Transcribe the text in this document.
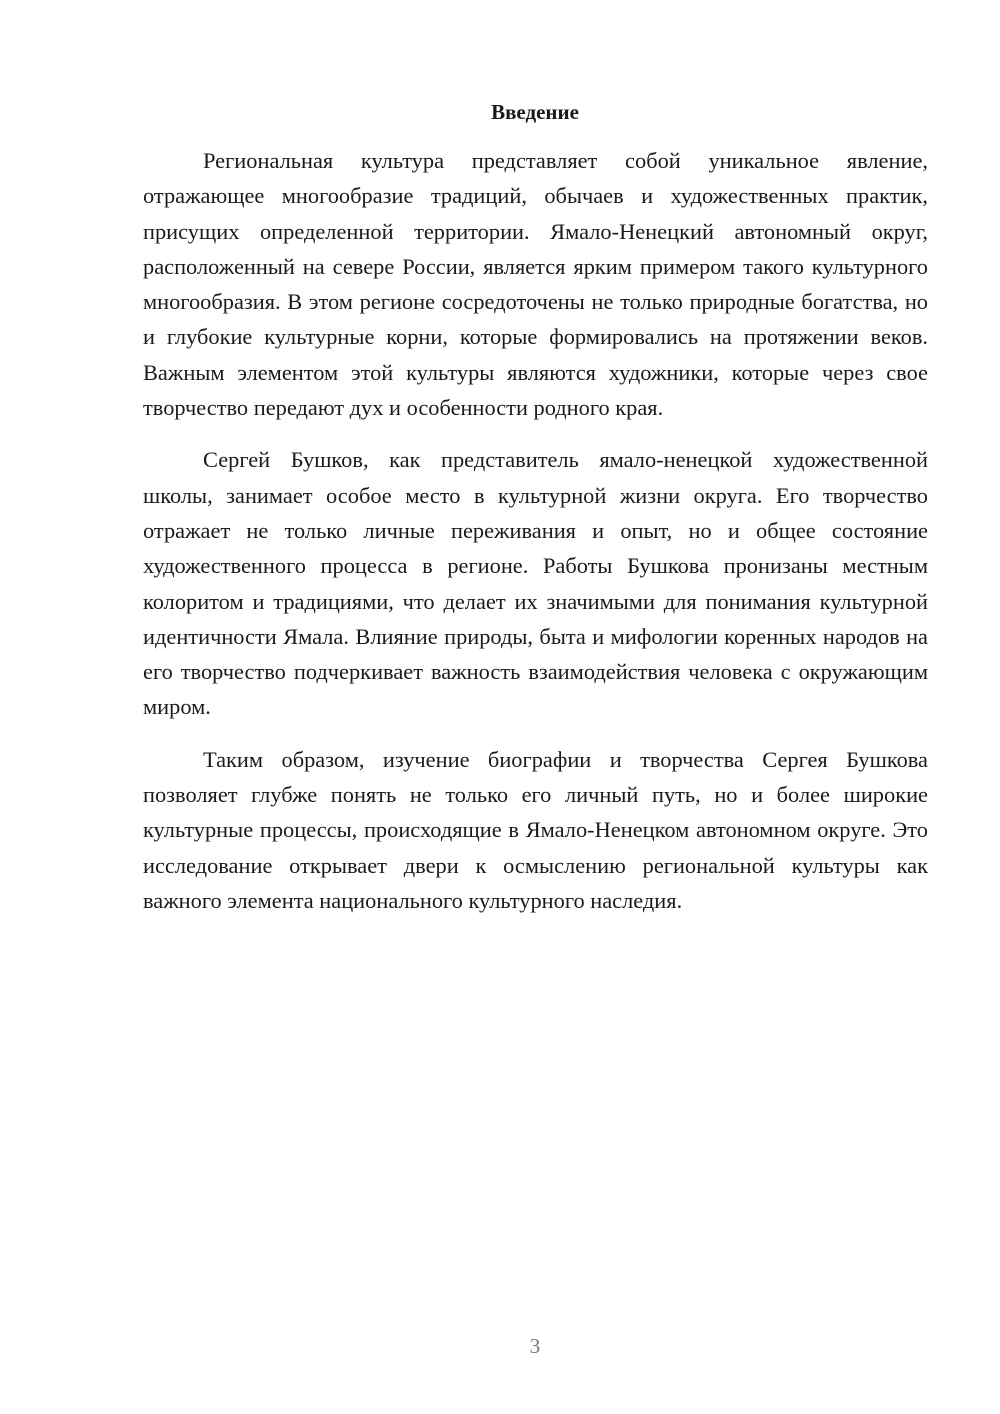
Введение

Региональная культура представляет собой уникальное явление, отражающее многообразие традиций, обычаев и художественных практик, присущих определенной территории. Ямало-Ненецкий автономный округ, расположенный на севере России, является ярким примером такого культурного многообразия. В этом регионе сосредоточены не только природные богатства, но и глубокие культурные корни, которые формировались на протяжении веков. Важным элементом этой культуры являются художники, которые через свое творчество передают дух и особенности родного края.

Сергей Бушков, как представитель ямало-ненецкой художественной школы, занимает особое место в культурной жизни округа. Его творчество отражает не только личные переживания и опыт, но и общее состояние художественного процесса в регионе. Работы Бушкова пронизаны местным колоритом и традициями, что делает их значимыми для понимания культурной идентичности Ямала. Влияние природы, быта и мифологии коренных народов на его творчество подчеркивает важность взаимодействия человека с окружающим миром.

Таким образом, изучение биографии и творчества Сергея Бушкова позволяет глубже понять не только его личный путь, но и более широкие культурные процессы, происходящие в Ямало-Ненецком автономном округе. Это исследование открывает двери к осмыслению региональной культуры как важного элемента национального культурного наследия.

3
